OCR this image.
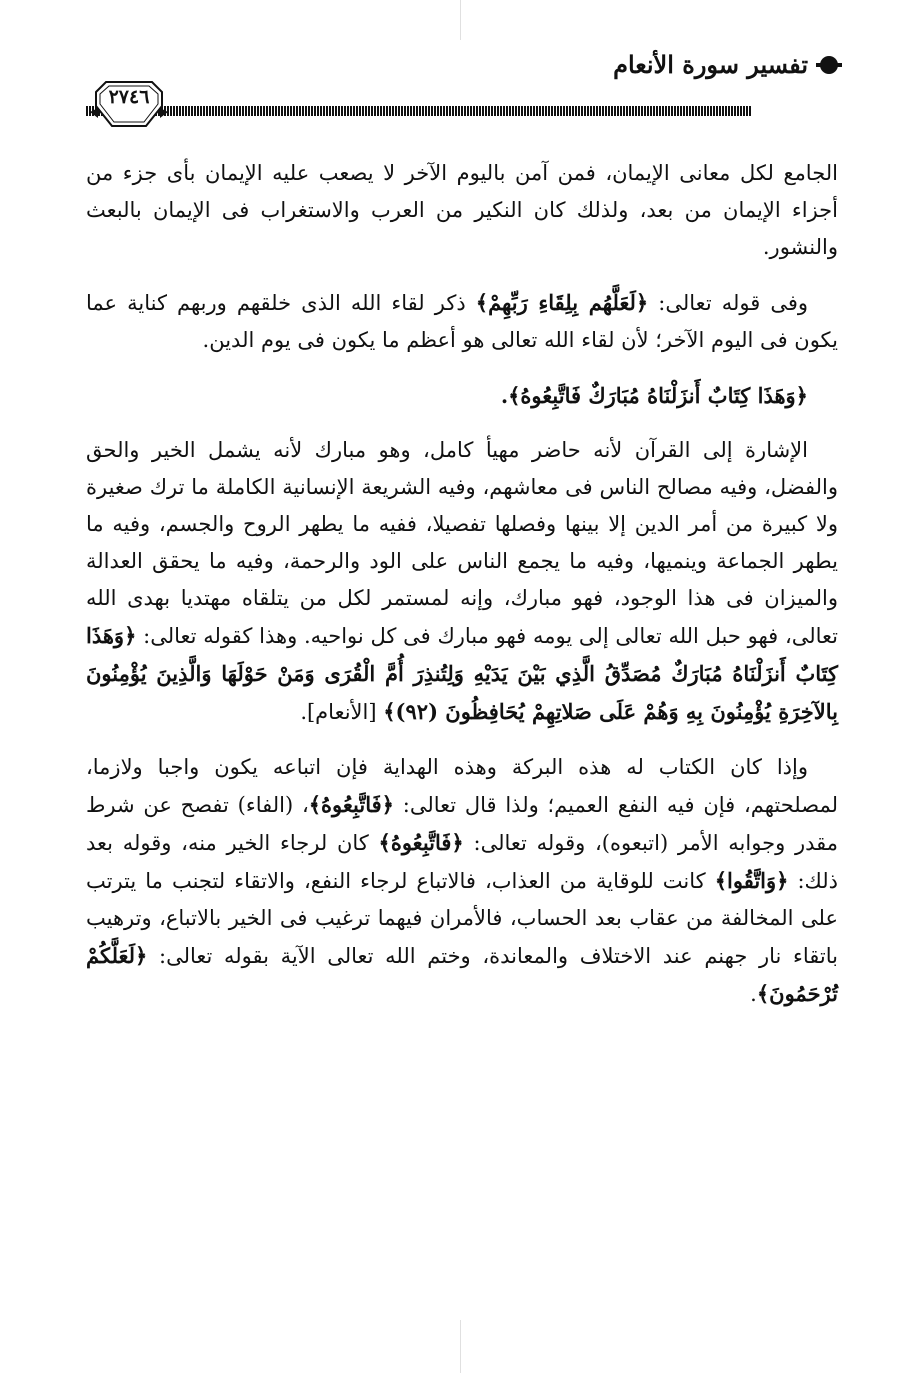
تفسير سورة الأنعام
٢٧٤٦

الجامع لكل معانى الإيمان، فمن آمن باليوم الآخر لا يصعب عليه الإيمان بأى جزء من أجزاء الإيمان من بعد، ولذلك كان النكير من العرب والاستغراب فى الإيمان بالبعث والنشور.

وفى قوله تعالى: ﴿لَعَلَّهُم بِلِقَاءِ رَبِّهِمْ﴾ ذكر لقاء الله الذى خلقهم وربهم كناية عما يكون فى اليوم الآخر؛ لأن لقاء الله تعالى هو أعظم ما يكون فى يوم الدين.

﴿وَهَذَا كِتَابٌ أَنزَلْنَاهُ مُبَارَكٌ فَاتَّبِعُوهُ﴾.

الإشارة إلى القرآن لأنه حاضر مهيأ كامل، وهو مبارك لأنه يشمل الخير والحق والفضل، وفيه مصالح الناس فى معاشهم، وفيه الشريعة الإنسانية الكاملة ما ترك صغيرة ولا كبيرة من أمر الدين إلا بينها وفصلها تفصيلا، ففيه ما يطهر الروح والجسم، وفيه ما يطهر الجماعة وينميها، وفيه ما يجمع الناس على الود والرحمة، وفيه ما يحقق العدالة والميزان فى هذا الوجود، فهو مبارك، وإنه لمستمر لكل من يتلقاه مهتديا بهدى الله تعالى، فهو حبل الله تعالى إلى يومه فهو مبارك فى كل نواحيه. وهذا كقوله تعالى: ﴿وَهَذَا كِتَابٌ أَنزَلْنَاهُ مُبَارَكٌ مُصَدِّقُ الَّذِي بَيْنَ يَدَيْهِ وَلِتُنذِرَ أُمَّ الْقُرَى وَمَنْ حَوْلَهَا وَالَّذِينَ يُؤْمِنُونَ بِالآخِرَةِ يُؤْمِنُونَ بِهِ وَهُمْ عَلَى صَلاتِهِمْ يُحَافِظُونَ (٩٢)﴾ [الأنعام].

وإذا كان الكتاب له هذه البركة وهذه الهداية فإن اتباعه يكون واجبا ولازما، لمصلحتهم، فإن فيه النفع العميم؛ ولذا قال تعالى: ﴿فَاتَّبِعُوهُ﴾، (الفاء) تفصح عن شرط مقدر وجوابه الأمر (اتبعوه)، وقوله تعالى: ﴿فَاتَّبِعُوهُ﴾ كان لرجاء الخير منه، وقوله بعد ذلك: ﴿وَاتَّقُوا﴾ كانت للوقاية من العذاب، فالاتباع لرجاء النفع، والاتقاء لتجنب ما يترتب على المخالفة من عقاب بعد الحساب، فالأمران فيهما ترغيب فى الخير بالاتباع، وترهيب باتقاء نار جهنم عند الاختلاف والمعاندة، وختم الله تعالى الآية بقوله تعالى: ﴿لَعَلَّكُمْ تُرْحَمُونَ﴾.
